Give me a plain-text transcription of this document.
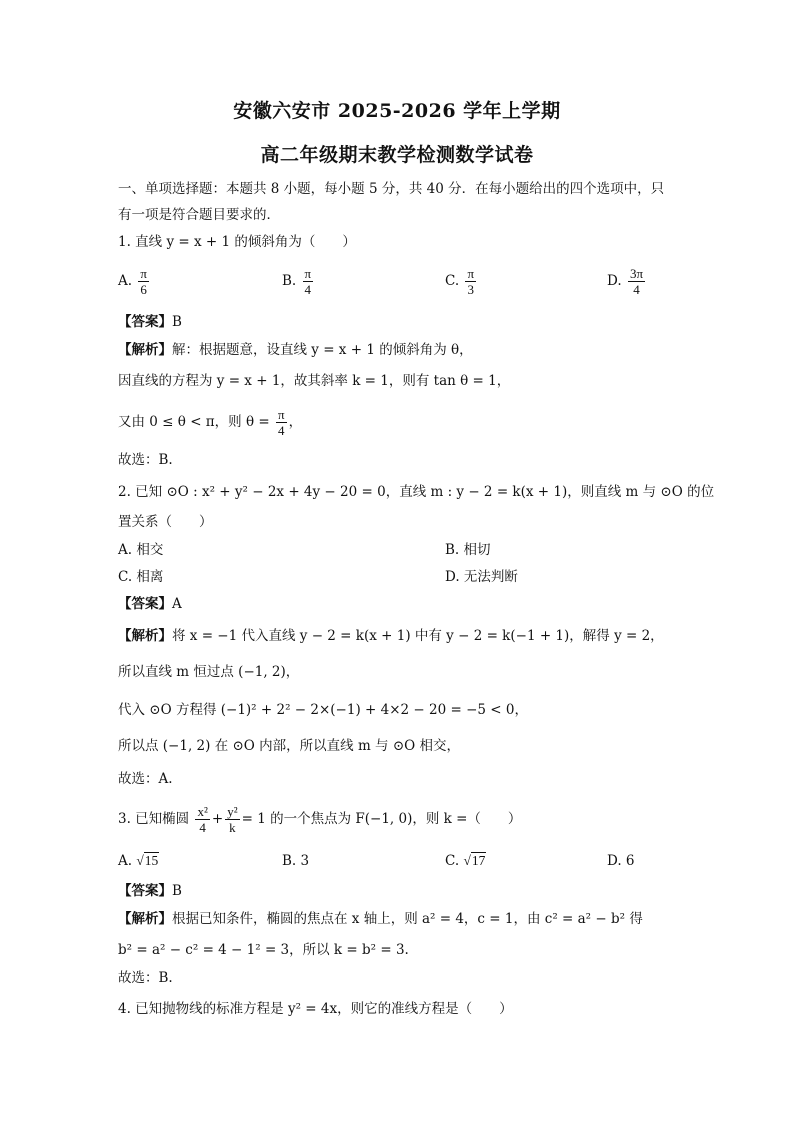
安徽六安市 2025-2026 学年上学期
高二年级期末教学检测数学试卷
一、单项选择题：本题共 8 小题，每小题 5 分，共 40 分．在每小题给出的四个选项中，只
有一项是符合题目要求的．
1. 直线 y = x + 1 的倾斜角为（　　）
A. $\frac{\pi}{6}$	B. $\frac{\pi}{4}$	C. $\frac{\pi}{3}$	D. $\frac{3\pi}{4}$
【答案】B
【解析】解：根据题意，设直线 y = x + 1 的倾斜角为 θ，
因直线的方程为 y = x + 1，故其斜率 k = 1，则有 tan θ = 1，
又由 0 ≤ θ < π，则 $\theta = \frac{\pi}{4}$ ，
故选：B.
2. 已知 ⊙O : x² + y² − 2x + 4y − 20 = 0，直线 m : y − 2 = k(x + 1)，则直线 m 与 ⊙O 的位
置关系（　　）
A. 相交	B. 相切
C. 相离	D. 无法判断
【答案】A
【解析】将 x = −1 代入直线 y − 2 = k(x + 1) 中有 y − 2 = k(−1 + 1)，解得 y = 2，
所以直线 m 恒过点 (−1, 2)，
代入 ⊙O 方程得 (−1)² + 2² − 2×(−1) + 4×2 − 20 = −5 < 0，
所以点 (−1, 2) 在 ⊙O 内部，所以直线 m 与 ⊙O 相交，
故选：A.
3. 已知椭圆 $\frac{\text{x²}}{4} + \frac{\text{y²}}{k} = 1$ 的一个焦点为 F(−1, 0)，则 k =（　　）
A. √15	B. 3	C. √17	D. 6
【答案】B
【解析】根据已知条件，椭圆的焦点在 x 轴上，则 a² = 4，c = 1，由 c² = a² − b² 得
b² = a² − c² = 4 − 1² = 3，所以 k = b² = 3.
故选：B.
4. 已知抛物线的标准方程是 y² = 4x，则它的准线方程是（　　）
